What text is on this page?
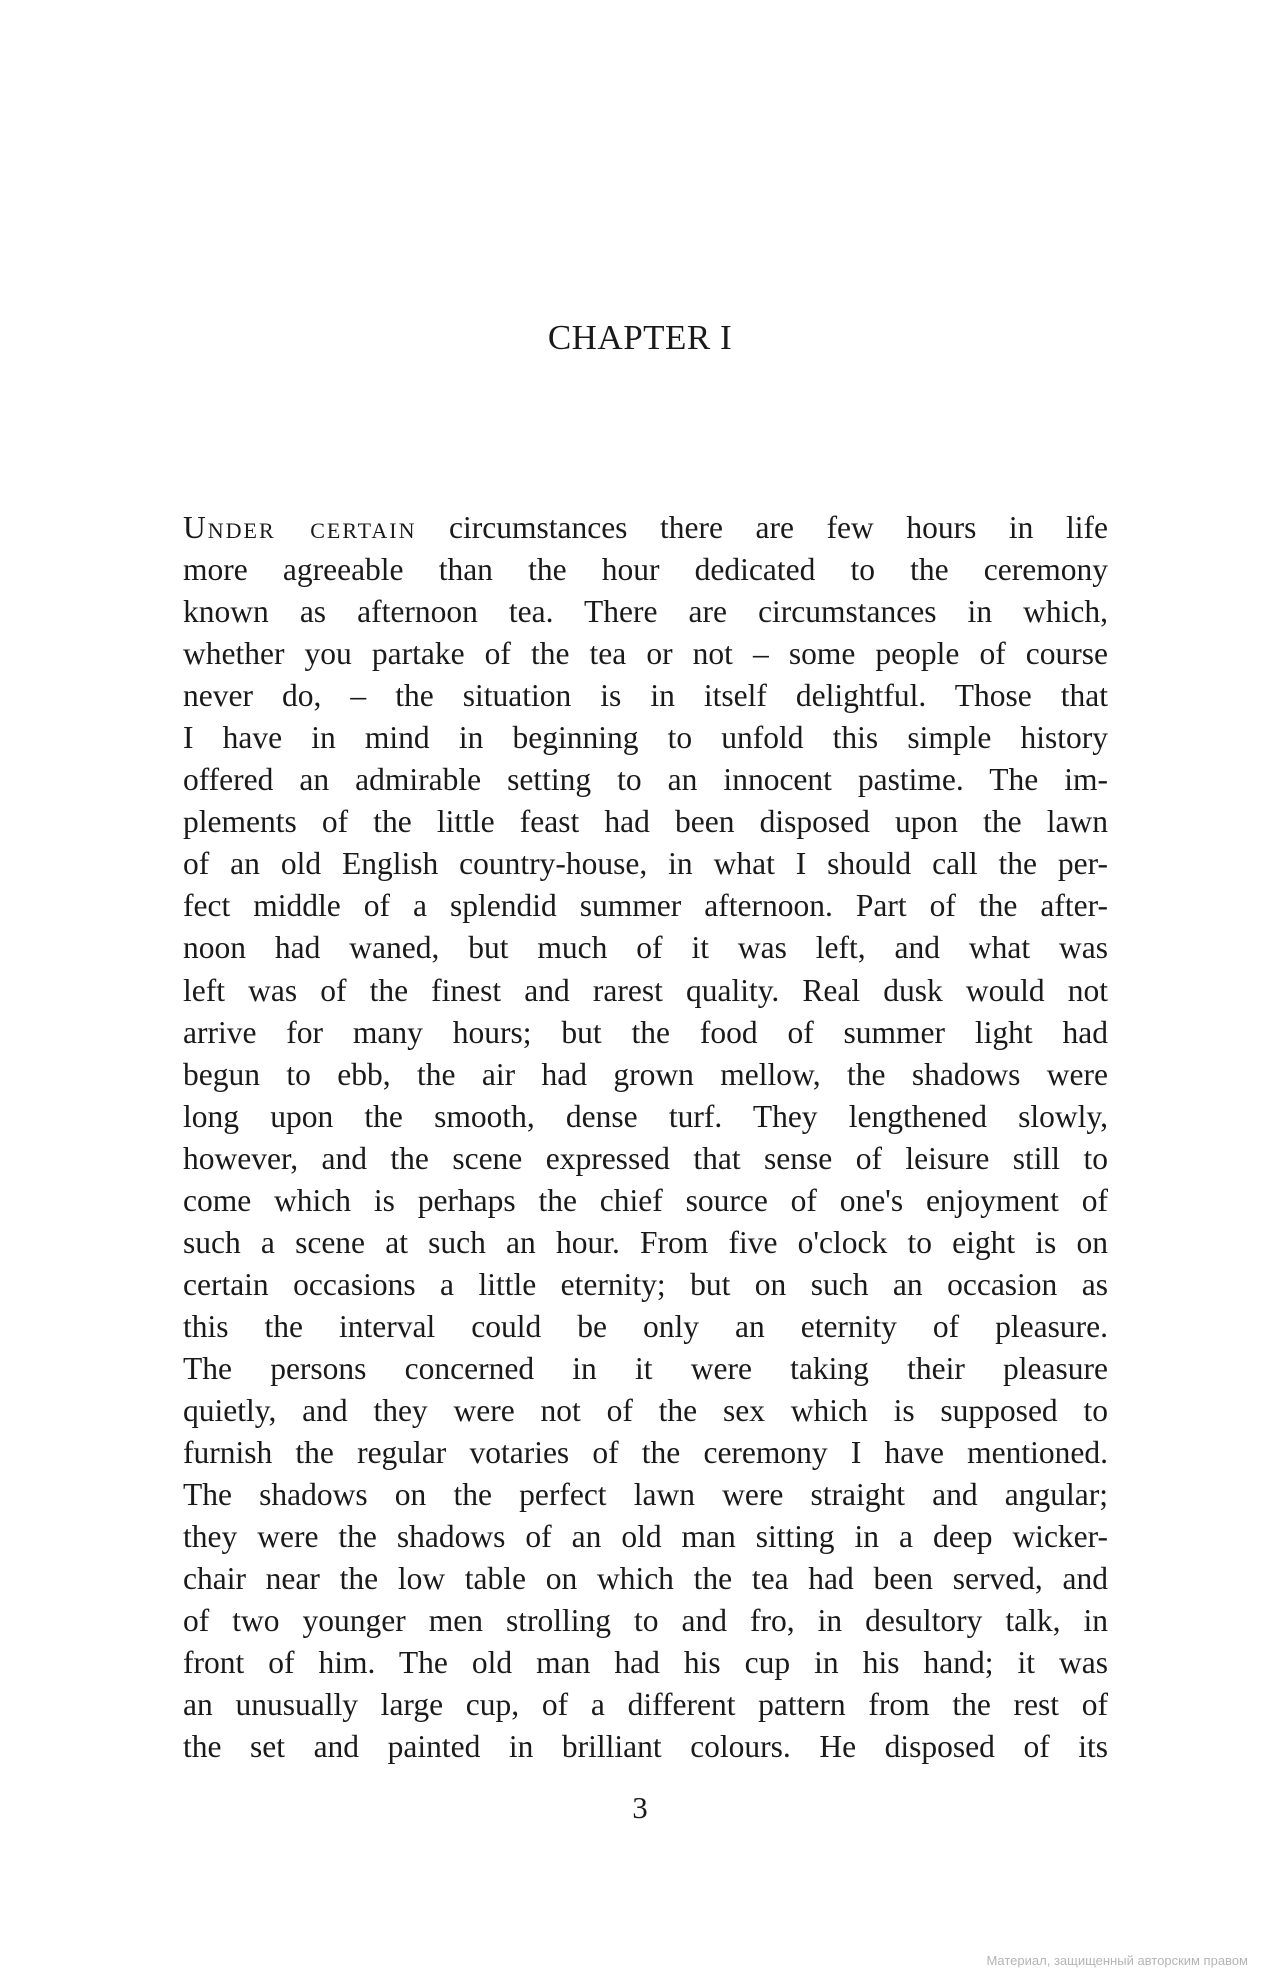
CHAPTER I
Under certain circumstances there are few hours in life
more agreeable than the hour dedicated to the ceremony
known as afternoon tea. There are circumstances in which,
whether you partake of the tea or not – some people of course
never do, – the situation is in itself delightful. Those that
I have in mind in beginning to unfold this simple history
offered an admirable setting to an innocent pastime. The im-
plements of the little feast had been disposed upon the lawn
of an old English country-house, in what I should call the per-
fect middle of a splendid summer afternoon. Part of the after-
noon had waned, but much of it was left, and what was
left was of the finest and rarest quality. Real dusk would not
arrive for many hours; but the food of summer light had
begun to ebb, the air had grown mellow, the shadows were
long upon the smooth, dense turf. They lengthened slowly,
however, and the scene expressed that sense of leisure still to
come which is perhaps the chief source of one's enjoyment of
such a scene at such an hour. From five o'clock to eight is on
certain occasions a little eternity; but on such an occasion as
this the interval could be only an eternity of pleasure.
The persons concerned in it were taking their pleasure
quietly, and they were not of the sex which is supposed to
furnish the regular votaries of the ceremony I have mentioned.
The shadows on the perfect lawn were straight and angular;
they were the shadows of an old man sitting in a deep wicker-
chair near the low table on which the tea had been served, and
of two younger men strolling to and fro, in desultory talk, in
front of him. The old man had his cup in his hand; it was
an unusually large cup, of a different pattern from the rest of
the set and painted in brilliant colours. He disposed of its
3
Материал, защищенный авторским правом
